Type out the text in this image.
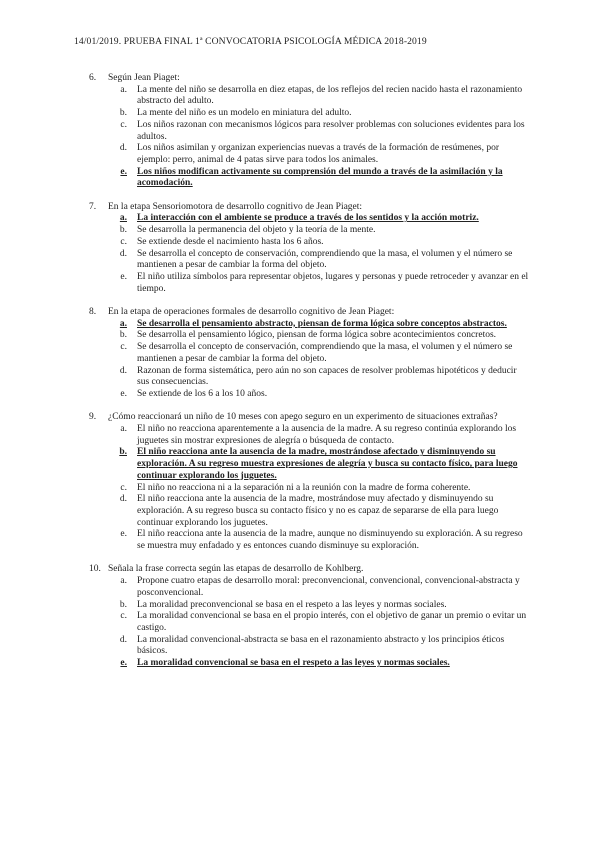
14/01/2019. PRUEBA FINAL 1ª CONVOCATORIA PSICOLOGÍA MÉDICA 2018-2019
6.	Según Jean Piaget:
a.	La mente del niño se desarrolla en diez etapas, de los reflejos del recien nacido hasta el razonamiento abstracto del adulto.
b.	La mente del niño es un modelo en miniatura del adulto.
c.	Los niños razonan con mecanismos lógicos para resolver problemas con soluciones evidentes para los adultos.
d.	Los niños asimilan y organizan experiencias nuevas a través de la formación de resúmenes, por ejemplo: perro, animal de 4 patas sirve para todos los animales.
e.	Los niños modifican activamente su comprensión del mundo a través de la asimilación y la acomodación.
7.	En la etapa Sensoriomotora de desarrollo cognitivo de Jean Piaget:
a.	La interacción con el ambiente se produce a través de los sentidos y la acción motriz.
b.	Se desarrolla la permanencia del objeto y la teoría de la mente.
c.	Se extiende desde el nacimiento hasta los 6 años.
d.	Se desarrolla el concepto de conservación, comprendiendo que la masa, el volumen y el número se mantienen a pesar de cambiar la forma del objeto.
e.	El niño utiliza símbolos para representar objetos, lugares y personas y puede retroceder y avanzar en el tiempo.
8.	En la etapa de operaciones formales de desarrollo cognitivo de Jean Piaget:
a.	Se desarrolla el pensamiento abstracto, piensan de forma lógica sobre conceptos abstractos.
b.	Se desarrolla el pensamiento lógico, piensan de forma lógica sobre acontecimientos concretos.
c.	Se desarrolla el concepto de conservación, comprendiendo que la masa, el volumen y el número se mantienen a pesar de cambiar la forma del objeto.
d.	Razonan de forma sistemática, pero aún no son capaces de resolver problemas hipotéticos y deducir sus consecuencias.
e.	Se extiende de los 6 a los 10 años.
9.	¿Cómo reaccionará un niño de 10 meses con apego seguro en un experimento de situaciones extrañas?
a.	El niño no reacciona aparentemente a la ausencia de la madre. A su regreso continúa explorando los juguetes sin mostrar expresiones de alegría o búsqueda de contacto.
b.	El niño reacciona ante la ausencia de la madre, mostrándose afectado y disminuyendo su exploración. A su regreso muestra expresiones de alegría y busca su contacto físico, para luego continuar explorando los juguetes.
c.	El niño no reacciona ni a la separación ni a la reunión con la madre de forma coherente.
d.	El niño reacciona ante la ausencia de la madre, mostrándose muy afectado y disminuyendo su exploración. A su regreso busca su contacto físico y no es capaz de separarse de ella para luego continuar explorando los juguetes.
e.	El niño reacciona ante la ausencia de la madre, aunque no disminuyendo su exploración. A su regreso se muestra muy enfadado y es entonces cuando disminuye su exploración.
10. Señala la frase correcta según las etapas de desarrollo de Kohlberg.
a.	Propone cuatro etapas de desarrollo moral: preconvencional, convencional, convencional-abstracta y posconvencional.
b.	La moralidad preconvencional se basa en el respeto a las leyes y normas sociales.
c.	La moralidad convencional se basa en el propio interés, con el objetivo de ganar un premio o evitar un castigo.
d.	La moralidad convencional-abstracta se basa en el razonamiento abstracto y los principios éticos básicos.
e.	La moralidad convencional se basa en el respeto a las leyes y normas sociales.
